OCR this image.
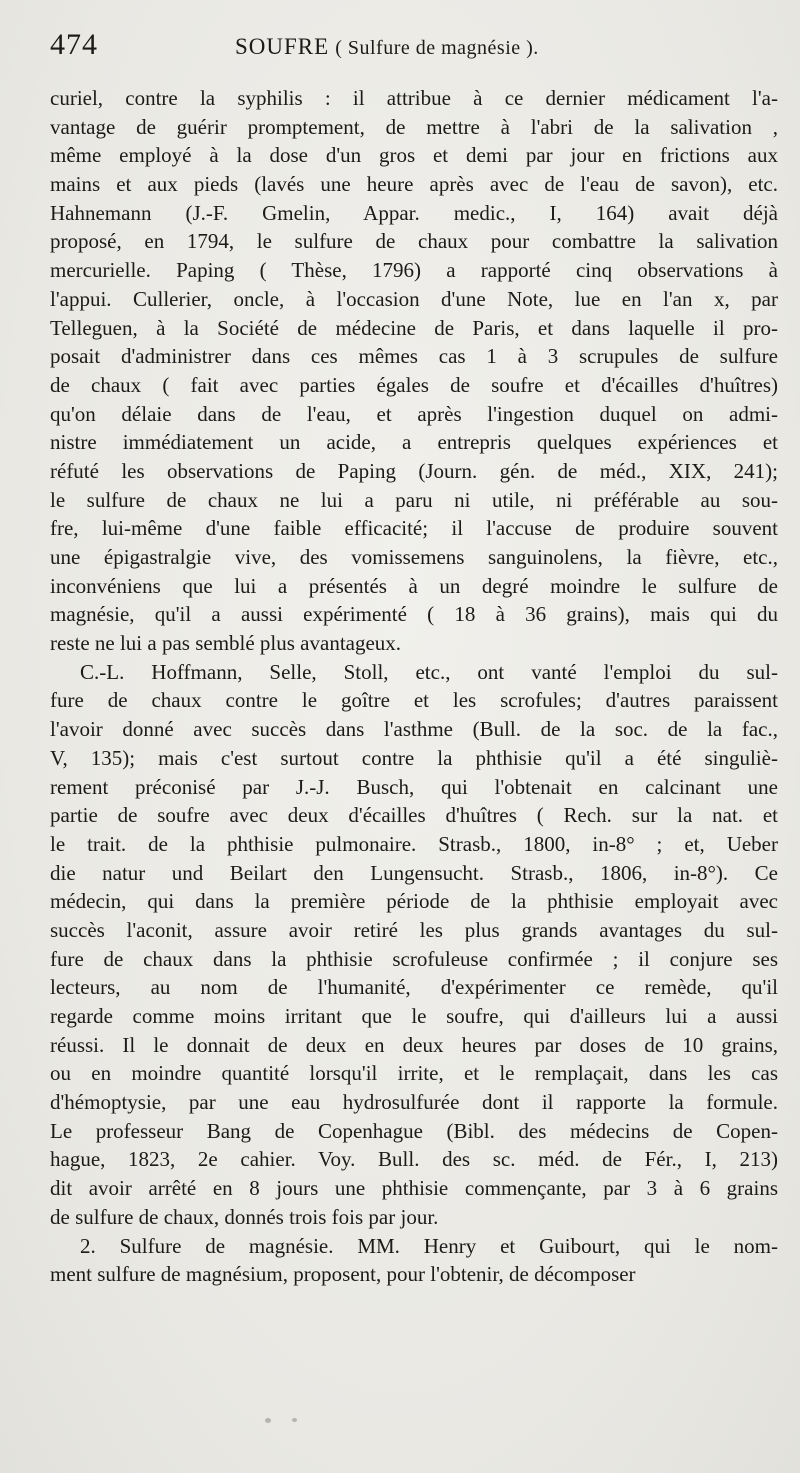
474	SOUFRE ( Sulfure de magnésie ).
curiel, contre la syphilis : il attribue à ce dernier médicament l'a-
vantage de guérir promptement, de mettre à l'abri de la salivation ,
même employé à la dose d'un gros et demi par jour en frictions aux
mains et aux pieds (lavés une heure après avec de l'eau de savon), etc.
Hahnemann (J.-F. Gmelin, Appar. medic., I, 164) avait déjà
proposé, en 1794, le sulfure de chaux pour combattre la salivation
mercurielle. Paping ( Thèse, 1796) a rapporté cinq observations à
l'appui. Cullerier, oncle, à l'occasion d'une Note, lue en l'an x, par
Telleguen, à la Société de médecine de Paris, et dans laquelle il pro-
posait d'administrer dans ces mêmes cas 1 à 3 scrupules de sulfure
de chaux ( fait avec parties égales de soufre et d'écailles d'huîtres)
qu'on délaie dans de l'eau, et après l'ingestion duquel on admi-
nistre immédiatement un acide, a entrepris quelques expériences et
réfuté les observations de Paping (Journ. gén. de méd., XIX, 241);
le sulfure de chaux ne lui a paru ni utile, ni préférable au sou-
fre, lui-même d'une faible efficacité; il l'accuse de produire souvent
une épigastralgie vive, des vomissemens sanguinolens, la fièvre, etc.,
inconvéniens que lui a présentés à un degré moindre le sulfure de
magnésie, qu'il a aussi expérimenté ( 18 à 36 grains), mais qui du
reste ne lui a pas semblé plus avantageux.
C.-L. Hoffmann, Selle, Stoll, etc., ont vanté l'emploi du sul-
fure de chaux contre le goître et les scrofules; d'autres paraissent
l'avoir donné avec succès dans l'asthme (Bull. de la soc. de la fac.,
V, 135); mais c'est surtout contre la phthisie qu'il a été singuliè-
rement préconisé par J.-J. Busch, qui l'obtenait en calcinant une
partie de soufre avec deux d'écailles d'huîtres ( Rech. sur la nat. et
le trait. de la phthisie pulmonaire. Strasb., 1800, in-8° ; et, Ueber
die natur und Beilart den Lungensucht. Strasb., 1806, in-8°). Ce
médecin, qui dans la première période de la phthisie employait avec
succès l'aconit, assure avoir retiré les plus grands avantages du sul-
fure de chaux dans la phthisie scrofuleuse confirmée ; il conjure ses
lecteurs, au nom de l'humanité, d'expérimenter ce remède, qu'il
regarde comme moins irritant que le soufre, qui d'ailleurs lui a aussi
réussi. Il le donnait de deux en deux heures par doses de 10 grains,
ou en moindre quantité lorsqu'il irrite, et le remplaçait, dans les cas
d'hémoptysie, par une eau hydrosulfurée dont il rapporte la formule.
Le professeur Bang de Copenhague (Bibl. des médecins de Copen-
hague, 1823, 2e cahier. Voy. Bull. des sc. méd. de Fér., I, 213)
dit avoir arrêté en 8 jours une phthisie commençante, par 3 à 6 grains
de sulfure de chaux, donnés trois fois par jour.
2. Sulfure de magnésie. MM. Henry et Guibourt, qui le nom-
ment sulfure de magnésium, proposent, pour l'obtenir, de décomposer
